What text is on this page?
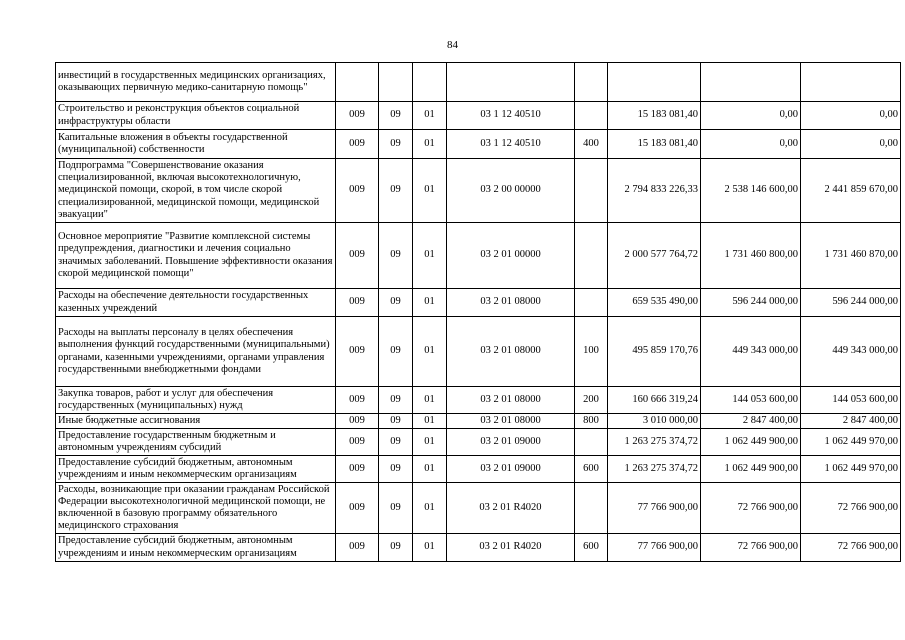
84
инвестиций в государственных медицинских организациях, оказывающих первичную медико-санитарную помощь"								
Строительство и реконструкция объектов социальной инфраструктуры области	009	09	01	03 1 12 40510		15 183 081,40	0,00	0,00
Капитальные вложения в объекты государственной (муниципальной) собственности	009	09	01	03 1 12 40510	400	15 183 081,40	0,00	0,00
Подпрограмма "Совершенствование оказания специализированной, включая высокотехнологичную, медицинской помощи, скорой, в том числе скорой специализированной, медицинской помощи, медицинской эвакуации"	009	09	01	03 2 00 00000		2 794 833 226,33	2 538 146 600,00	2 441 859 670,00
Основное мероприятие "Развитие комплексной системы предупреждения, диагностики и лечения социально значимых заболеваний. Повышение эффективности оказания скорой медицинской помощи"	009	09	01	03 2 01 00000		2 000 577 764,72	1 731 460 800,00	1 731 460 870,00
Расходы на обеспечение деятельности государственных казенных учреждений	009	09	01	03 2 01 08000		659 535 490,00	596 244 000,00	596 244 000,00
Расходы на выплаты персоналу в целях обеспечения выполнения функций государственными (муниципальными) органами, казенными учреждениями, органами управления государственными внебюджетными фондами	009	09	01	03 2 01 08000	100	495 859 170,76	449 343 000,00	449 343 000,00
Закупка товаров, работ и услуг для обеспечения государственных (муниципальных) нужд	009	09	01	03 2 01 08000	200	160 666 319,24	144 053 600,00	144 053 600,00
Иные бюджетные ассигнования	009	09	01	03 2 01 08000	800	3 010 000,00	2 847 400,00	2 847 400,00
Предоставление государственным бюджетным и автономным учреждениям субсидий	009	09	01	03 2 01 09000		1 263 275 374,72	1 062 449 900,00	1 062 449 970,00
Предоставление субсидий бюджетным, автономным учреждениям и иным некоммерческим организациям	009	09	01	03 2 01 09000	600	1 263 275 374,72	1 062 449 900,00	1 062 449 970,00
Расходы, возникающие при оказании гражданам Российской Федерации высокотехнологичной медицинской помощи, не включенной в базовую программу обязательного медицинского страхования	009	09	01	03 2 01 R4020		77 766 900,00	72 766 900,00	72 766 900,00
Предоставление субсидий бюджетным, автономным учреждениям и иным некоммерческим организациям	009	09	01	03 2 01 R4020	600	77 766 900,00	72 766 900,00	72 766 900,00
